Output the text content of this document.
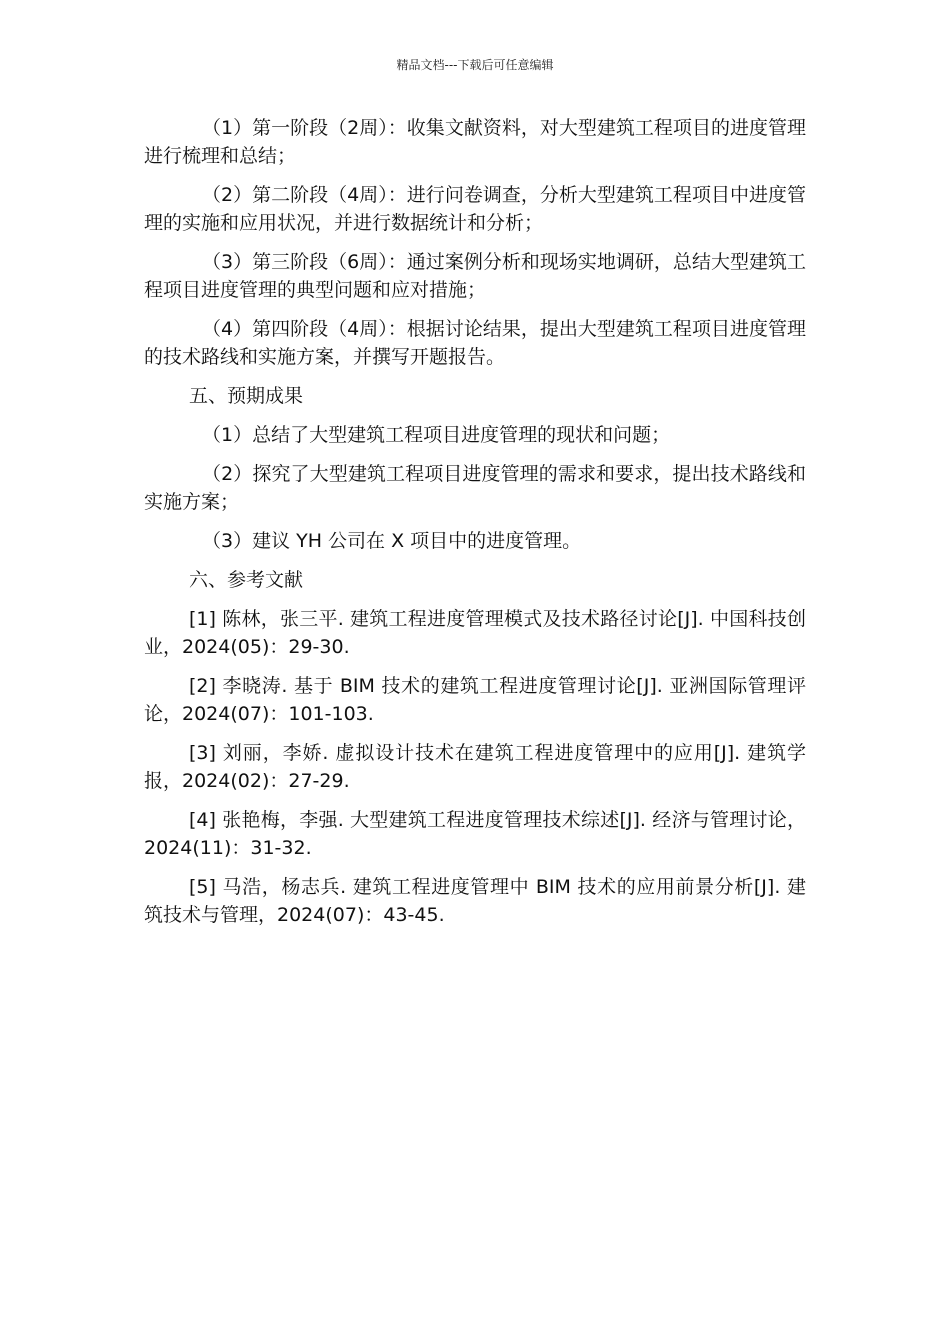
精品文档---下载后可任意编辑

（1）第一阶段（2周）：收集文献资料，对大型建筑工程项目的进度管理进行梳理和总结；

（2）第二阶段（4周）：进行问卷调查，分析大型建筑工程项目中进度管理的实施和应用状况，并进行数据统计和分析；

（3）第三阶段（6周）：通过案例分析和现场实地调研，总结大型建筑工程项目进度管理的典型问题和应对措施；

（4）第四阶段（4周）：根据讨论结果，提出大型建筑工程项目进度管理的技术路线和实施方案，并撰写开题报告。

五、预期成果

（1）总结了大型建筑工程项目进度管理的现状和问题；

（2）探究了大型建筑工程项目进度管理的需求和要求，提出技术路线和实施方案；

（3）建议 YH 公司在 X 项目中的进度管理。

六、参考文献

[1] 陈林，张三平. 建筑工程进度管理模式及技术路径讨论[J]. 中国科技创业，2024(05)：29-30.

[2] 李晓涛. 基于 BIM 技术的建筑工程进度管理讨论[J]. 亚洲国际管理评论，2024(07)：101-103.

[3] 刘丽，李娇. 虚拟设计技术在建筑工程进度管理中的应用[J]. 建筑学报，2024(02)：27-29.

[4] 张艳梅，李强. 大型建筑工程进度管理技术综述[J]. 经济与管理讨论，2024(11)：31-32.

[5] 马浩，杨志兵. 建筑工程进度管理中 BIM 技术的应用前景分析[J]. 建筑技术与管理，2024(07)：43-45.
